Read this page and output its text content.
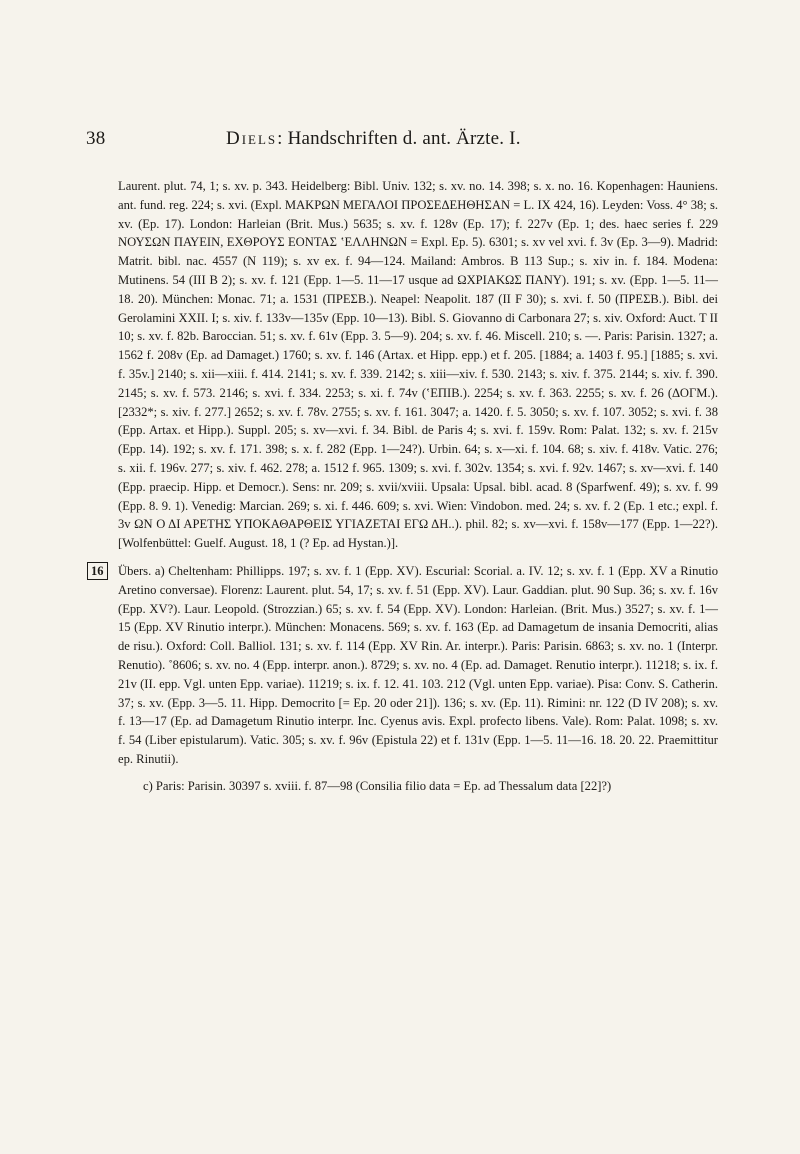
38	Diels: Handschriften d. ant. Ärzte. I.

Laurent. plut. 74, 1; s. xv. p. 343. Heidelberg: Bibl. Univ. 132; s. xv. no. 14. 398; s. x. no. 16. Kopenhagen: Hauniens. ant. fund. reg. 224; s. xvi. (Expl. ΜΑΚΡΩΝ ΜΕΓΑΛΟΙ ΠΡΟΣΕΔΕΗΘΗΣΑΝ = L. IX 424, 16). Leyden: Voss. 4° 38; s. xv. (Ep. 17). London: Harleian (Brit. Mus.) 5635; s. xv. f. 128v (Ep. 17); f. 227v (Ep. 1; des. haec series f. 229 ΝΟΥΣΩΝ ΠΑΥΕΙΝ, ΕΧΘΡΟΥΣ ΕΟΝΤΑΣ ʽΕΛΛΗΝΩΝ = Expl. Ep. 5). 6301; s. xv vel xvi. f. 3v (Ep. 3—9). Madrid: Matrit. bibl. nac. 4557 (N 119); s. xv ex. f. 94—124. Mailand: Ambros. B 113 Sup.; s. xiv in. f. 184. Modena: Mutinens. 54 (III B 2); s. xv. f. 121 (Epp. 1—5. 11—17 usque ad ΩΧΡΙΑΚΩΣ ΠΑΝΥ). 191; s. xv. (Epp. 1—5. 11—18. 20). München: Monac. 71; a. 1531 (ΠΡΕΣΒ.). Neapel: Neapolit. 187 (II F 30); s. xvi. f. 50 (ΠΡΕΣΒ.). Bibl. dei Gerolamini XXII. I; s. xiv. f. 133v—135v (Epp. 10—13). Bibl. S. Giovanno di Carbonara 27; s. xiv. Oxford: Auct. T II 10; s. xv. f. 82b. Baroccian. 51; s. xv. f. 61v (Epp. 3. 5—9). 204; s. xv. f. 46. Miscell. 210; s. —. Paris: Parisin. 1327; a. 1562 f. 208v (Ep. ad Damaget.) 1760; s. xv. f. 146 (Artax. et Hipp. epp.) et f. 205. [1884; a. 1403 f. 95.] [1885; s. xvi. f. 35v.] 2140; s. xii—xiii. f. 414. 2141; s. xv. f. 339. 2142; s. xiii—xiv. f. 530. 2143; s. xiv. f. 375. 2144; s. xiv. f. 390. 2145; s. xv. f. 573. 2146; s. xvi. f. 334. 2253; s. xi. f. 74v (ʽΕΠΙΒ.). 2254; s. xv. f. 363. 2255; s. xv. f. 26 (ΔΟΓΜ.). [2332*; s. xiv. f. 277.] 2652; s. xv. f. 78v. 2755; s. xv. f. 161. 3047; a. 1420. f. 5. 3050; s. xv. f. 107. 3052; s. xvi. f. 38 (Epp. Artax. et Hipp.). Suppl. 205; s. xv—xvi. f. 34. Bibl. de Paris 4; s. xvi. f. 159v. Rom: Palat. 132; s. xv. f. 215v (Epp. 14). 192; s. xv. f. 171. 398; s. x. f. 282 (Epp. 1—24?). Urbin. 64; s. x—xi. f. 104. 68; s. xiv. f. 418v. Vatic. 276; s. xii. f. 196v. 277; s. xiv. f. 462. 278; a. 1512 f. 965. 1309; s. xvi. f. 302v. 1354; s. xvi. f. 92v. 1467; s. xv—xvi. f. 140 (Epp. praecip. Hipp. et Democr.). Sens: nr. 209; s. xvii/xviii. Upsala: Upsal. bibl. acad. 8 (Sparfwenf. 49); s. xv. f. 99 (Epp. 8. 9. 1). Venedig: Marcian. 269; s. xi. f. 446. 609; s. xvi. Wien: Vindobon. med. 24; s. xv. f. 2 (Ep. 1 etc.; expl. f. 3v ΩΝ Ο ΔΙ ΑΡΕΤΗΣ ΥΠΟΚΑΘΑΡΘΕΙΣ ΥΓΙΑΖΕΤΑΙ ΕΓΩ ΔΗ..). phil. 82; s. xv—xvi. f. 158v—177 (Epp. 1—22?). [Wolfenbüttel: Guelf. August. 18, 1 (? Ep. ad Hystan.)].

16	Übers. a) Cheltenham: Phillipps. 197; s. xv. f. 1 (Epp. XV). Escurial: Scorial. a. IV. 12; s. xv. f. 1 (Epp. XV a Rinutio Aretino conversae). Florenz: Laurent. plut. 54, 17; s. xv. f. 51 (Epp. XV). Laur. Gaddian. plut. 90 Sup. 36; s. xv. f. 16v (Epp. XV?). Laur. Leopold. (Strozzian.) 65; s. xv. f. 54 (Epp. XV). London: Harleian. (Brit. Mus.) 3527; s. xv. f. 1—15 (Epp. XV Rinutio interpr.). München: Monacens. 569; s. xv. f. 163 (Ep. ad Damagetum de insania Democriti, alias de risu.). Oxford: Coll. Balliol. 131; s. xv. f. 114 (Epp. XV Rin. Ar. interpr.). Paris: Parisin. 6863; s. xv. no. 1 (Interpr. Renutio). ˚8606; s. xv. no. 4 (Epp. interpr. anon.). 8729; s. xv. no. 4 (Ep. ad. Damaget. Renutio interpr.). 11218; s. ix. f. 21v (II. epp. Vgl. unten Epp. variae). 11219; s. ix. f. 12. 41. 103. 212 (Vgl. unten Epp. variae). Pisa: Conv. S. Catherin. 37; s. xv. (Epp. 3—5. 11. Hipp. Democrito [= Ep. 20 oder 21]). 136; s. xv. (Ep. 11). Rimini: nr. 122 (D IV 208); s. xv. f. 13—17 (Ep. ad Damagetum Rinutio interpr. Inc. Cyenus avis. Expl. profecto libens. Vale). Rom: Palat. 1098; s. xv. f. 54 (Liber epistularum). Vatic. 305; s. xv. f. 96v (Epistula 22) et f. 131v (Epp. 1—5. 11—16. 18. 20. 22. Praemittitur ep. Rinutii).

c) Paris: Parisin. 30397 s. xviii. f. 87—98 (Consilia filio data = Ep. ad Thessalum data [22]?)
